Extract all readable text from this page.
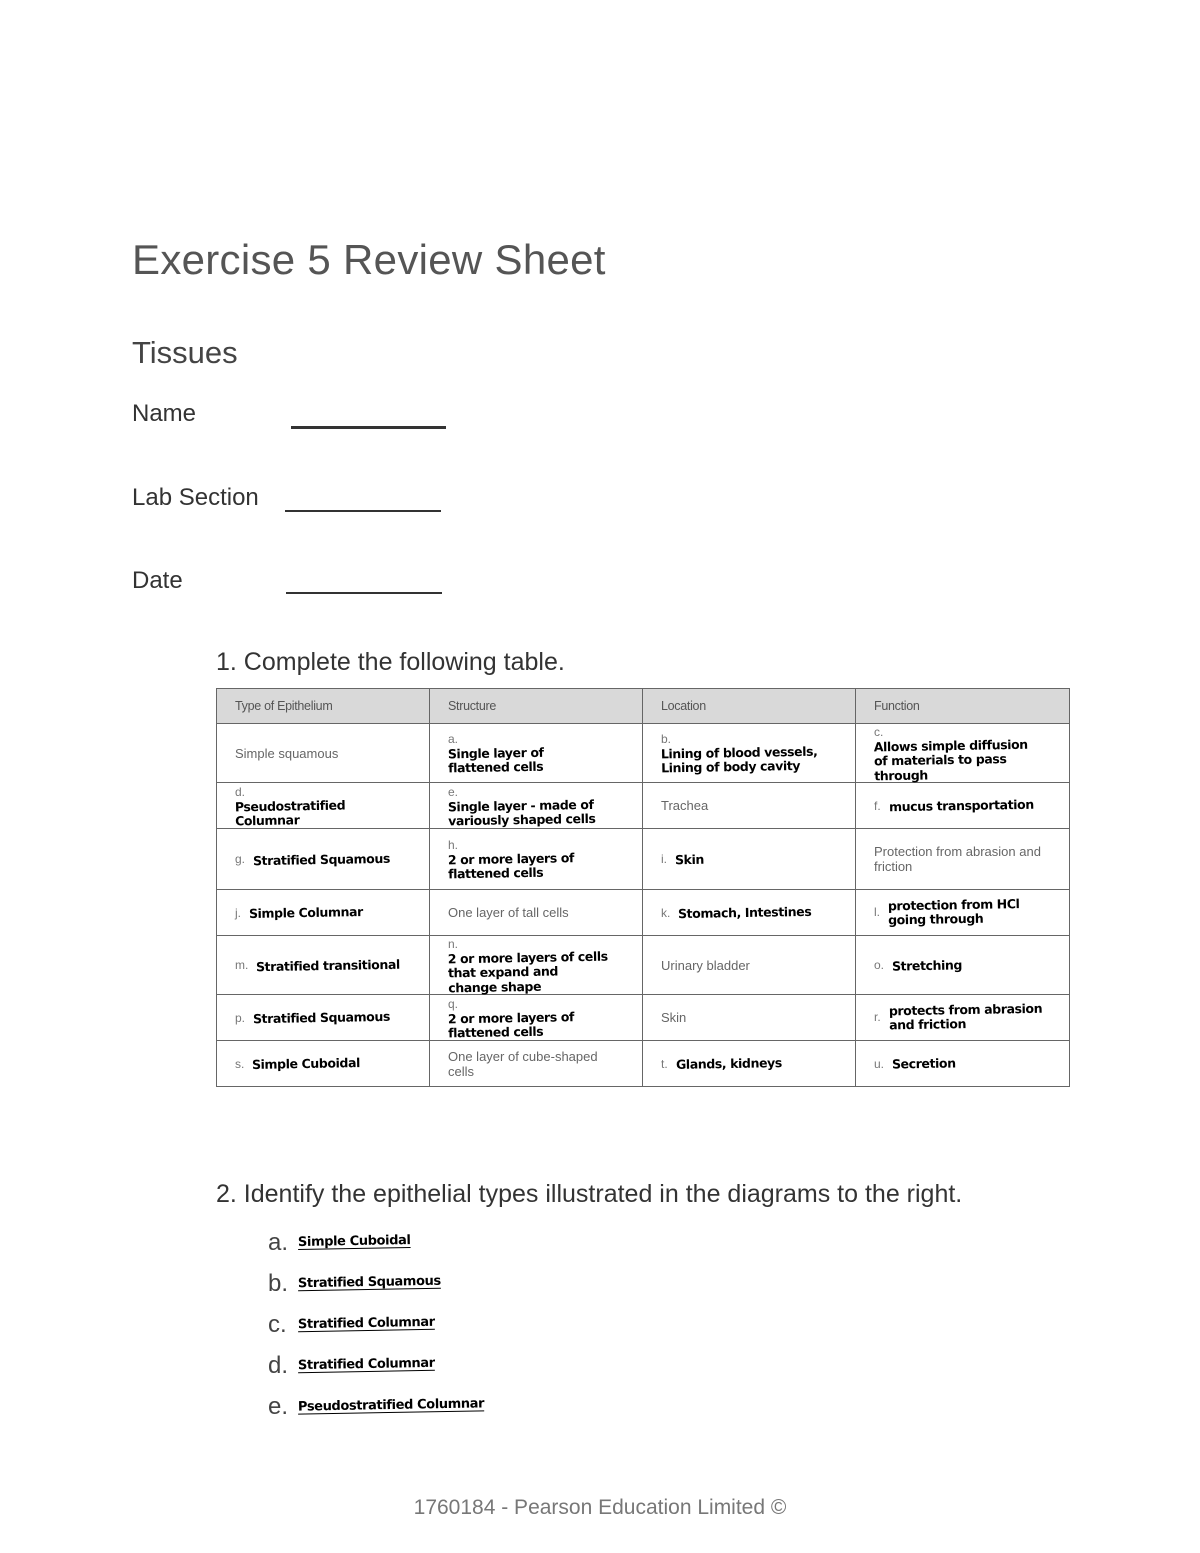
Exercise 5 Review Sheet
Tissues
Name
Lab Section
Date
1. Complete the following table.
Type of Epithelium	Structure	Location	Function
Simple squamous	a.Single layer of flattened cells	b.Lining of blood vessels, Lining of body cavity	c.Allows simple diffusion of materials to pass through
d.Pseudostratified Columnar	e.Single layer - made of variously shaped cells	Trachea	f. mucus transportation
g. Stratified Squamous	h.2 or more layers of flattened cells	i. Skin	Protection from abrasion and friction
j. Simple Columnar	One layer of tall cells	k. Stomach, Intestines	l. protection from HCl going through
m. Stratified transitional	n.2 or more layers of cells that expand and change shape	Urinary bladder	o. Stretching
p. Stratified Squamous	q.2 or more layers of flattened cells	Skin	r. protects from abrasion and friction
s. Simple Cuboidal	One layer of cube-shaped cells	t. Glands, kidneys	u. Secretion
2. Identify the epithelial types illustrated in the diagrams to the right.
a. Simple Cuboidal
b. Stratified Squamous
c. Stratified Columnar
d. Stratified Columnar
e. Pseudostratified Columnar
1760184 - Pearson Education Limited ©
